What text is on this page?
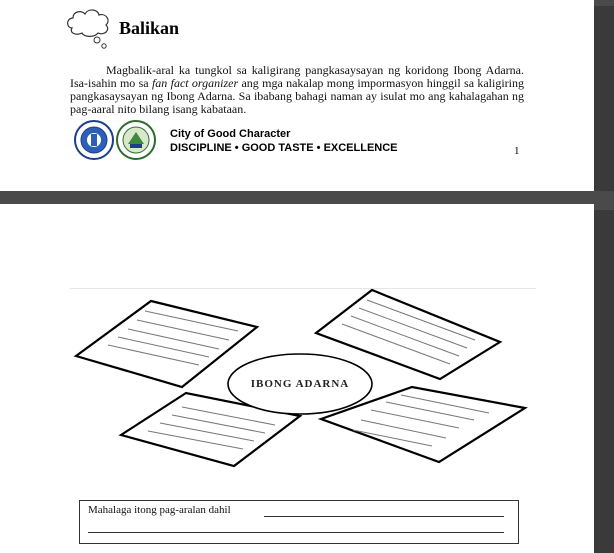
Balikan
Magbalik-aral ka tungkol sa kaligirang pangkasaysayan ng koridong Ibong Adarna. Isa-isahin mo sa fan fact organizer ang mga nakalap mong impormasyon hinggil sa kaligiring pangkasaysayan ng Ibong Adarna. Sa ibabang bahagi naman ay isulat mo ang kahalagahan ng pag-aaral nito bilang isang kabataan.
City of Good Character
DISCIPLINE • GOOD TASTE • EXCELLENCE	1
IBONG ADARNA
Mahalaga itong pag-aralan dahil
